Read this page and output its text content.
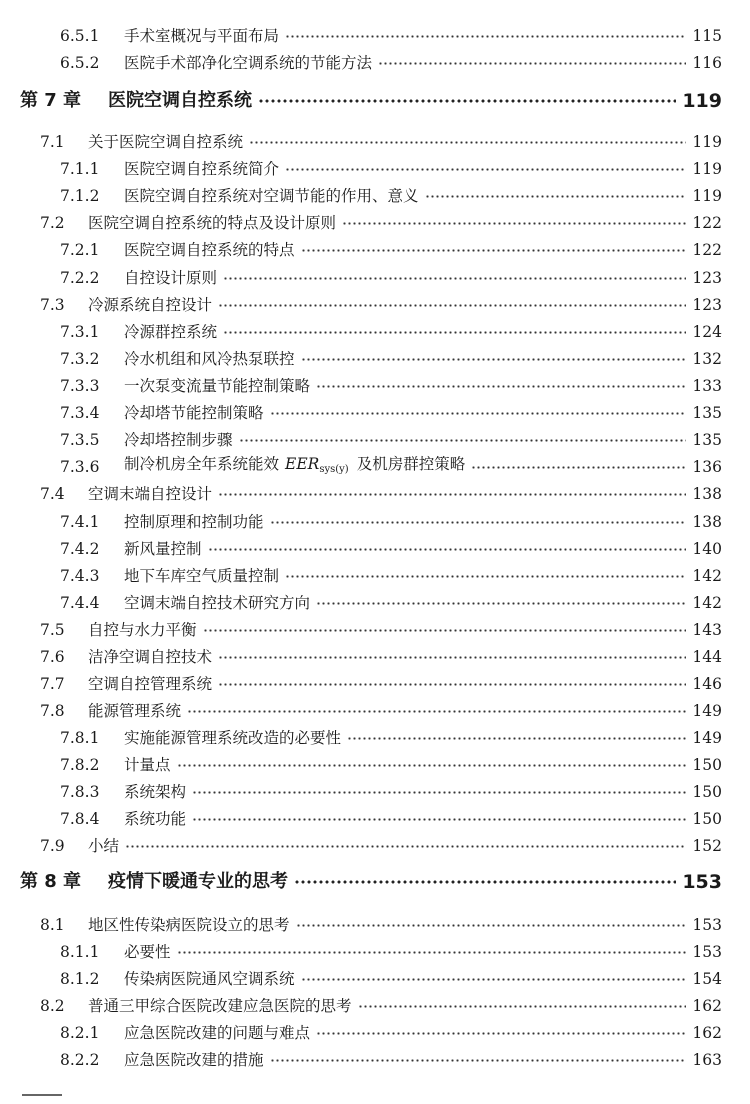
6.5.1	手术室概况与平面布局	115
6.5.2	医院手术部净化空调系统的节能方法	116
第 7 章	医院空调自控系统	119
7.1	关于医院空调自控系统	119
7.1.1	医院空调自控系统简介	119
7.1.2	医院空调自控系统对空调节能的作用、意义	119
7.2	医院空调自控系统的特点及设计原则	122
7.2.1	医院空调自控系统的特点	122
7.2.2	自控设计原则	123
7.3	冷源系统自控设计	123
7.3.1	冷源群控系统	124
7.3.2	冷水机组和风冷热泵联控	132
7.3.3	一次泵变流量节能控制策略	133
7.3.4	冷却塔节能控制策略	135
7.3.5	冷却塔控制步骤	135
7.3.6	制冷机房全年系统能效 $EER_{sys(y)}$ 及机房群控策略	136
7.4	空调末端自控设计	138
7.4.1	控制原理和控制功能	138
7.4.2	新风量控制	140
7.4.3	地下车库空气质量控制	142
7.4.4	空调末端自控技术研究方向	142
7.5	自控与水力平衡	143
7.6	洁净空调自控技术	144
7.7	空调自控管理系统	146
7.8	能源管理系统	149
7.8.1	实施能源管理系统改造的必要性	149
7.8.2	计量点	150
7.8.3	系统架构	150
7.8.4	系统功能	150
7.9	小结	152
第 8 章	疫情下暖通专业的思考	153
8.1	地区性传染病医院设立的思考	153
8.1.1	必要性	153
8.1.2	传染病医院通风空调系统	154
8.2	普通三甲综合医院改建应急医院的思考	162
8.2.1	应急医院改建的问题与难点	162
8.2.2	应急医院改建的措施	163
